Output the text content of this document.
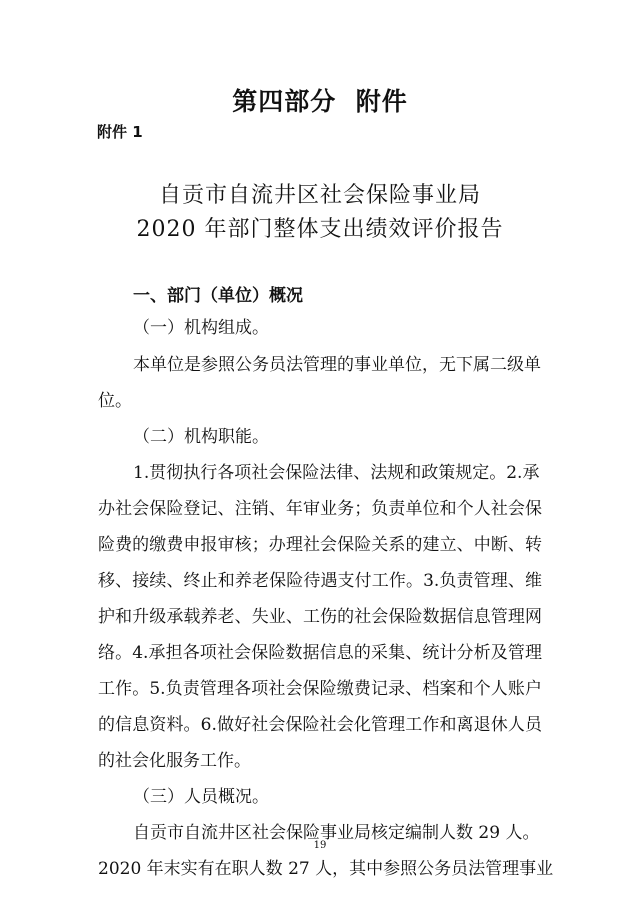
第四部分  附件
附件 1
自贡市自流井区社会保险事业局
2020 年部门整体支出绩效评价报告
一、部门（单位）概况
（一）机构组成。
本单位是参照公务员法管理的事业单位，无下属二级单
位。
（二）机构职能。
1.贯彻执行各项社会保险法律、法规和政策规定。2.承
办社会保险登记、注销、年审业务；负责单位和个人社会保
险费的缴费申报审核；办理社会保险关系的建立、中断、转
移、接续、终止和养老保险待遇支付工作。3.负责管理、维
护和升级承载养老、失业、工伤的社会保险数据信息管理网
络。4.承担各项社会保险数据信息的采集、统计分析及管理
工作。5.负责管理各项社会保险缴费记录、档案和个人账户
的信息资料。6.做好社会保险社会化管理工作和离退休人员
的社会化服务工作。
（三）人员概况。
自贡市自流井区社会保险事业局核定编制人数 29 人。
2020 年末实有在职人数 27 人，其中参照公务员法管理事业
19
